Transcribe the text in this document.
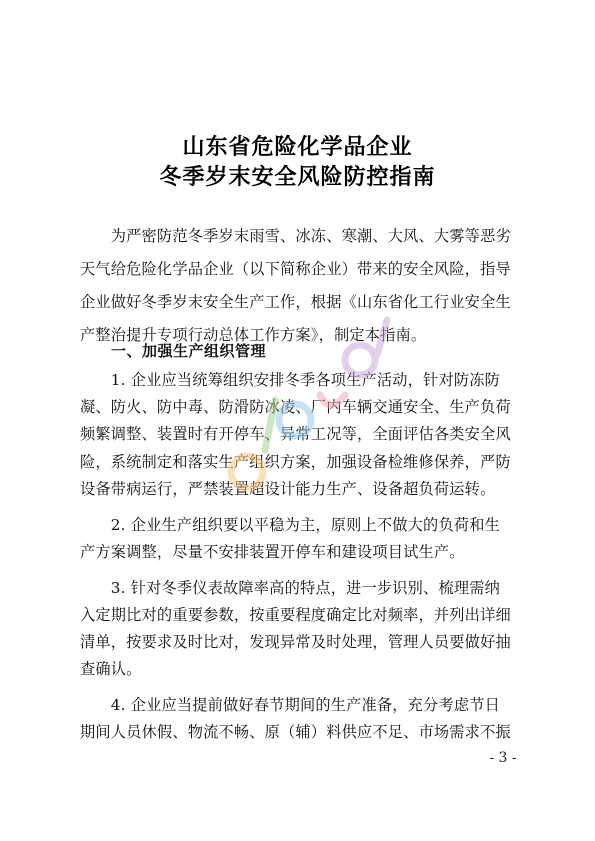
山东省危险化学品企业
冬季岁末安全风险防控指南
　　为严密防范冬季岁末雨雪、冰冻、寒潮、大风、大雾等恶劣
天气给危险化学品企业（以下简称企业）带来的安全风险，指导
企业做好冬季岁末安全生产工作，根据《山东省化工行业安全生
产整治提升专项行动总体工作方案》，制定本指南。
　　一、加强生产组织管理
　　1. 企业应当统筹组织安排冬季各项生产活动，针对防冻防
凝、防火、防中毒、防滑防冰凌、厂内车辆交通安全、生产负荷
频繁调整、装置时有开停车、异常工况等，全面评估各类安全风
险，系统制定和落实生产组织方案，加强设备检维修保养，严防
设备带病运行，严禁装置超设计能力生产、设备超负荷运转。
　　2. 企业生产组织要以平稳为主，原则上不做大的负荷和生
产方案调整，尽量不安排装置开停车和建设项目试生产。
　　3. 针对冬季仪表故障率高的特点，进一步识别、梳理需纳
入定期比对的重要参数，按重要程度确定比对频率，并列出详细
清单，按要求及时比对，发现异常及时处理，管理人员要做好抽
查确认。
　　4. 企业应当提前做好春节期间的生产准备，充分考虑节日
期间人员休假、物流不畅、原（辅）料供应不足、市场需求不振
- 3 -
